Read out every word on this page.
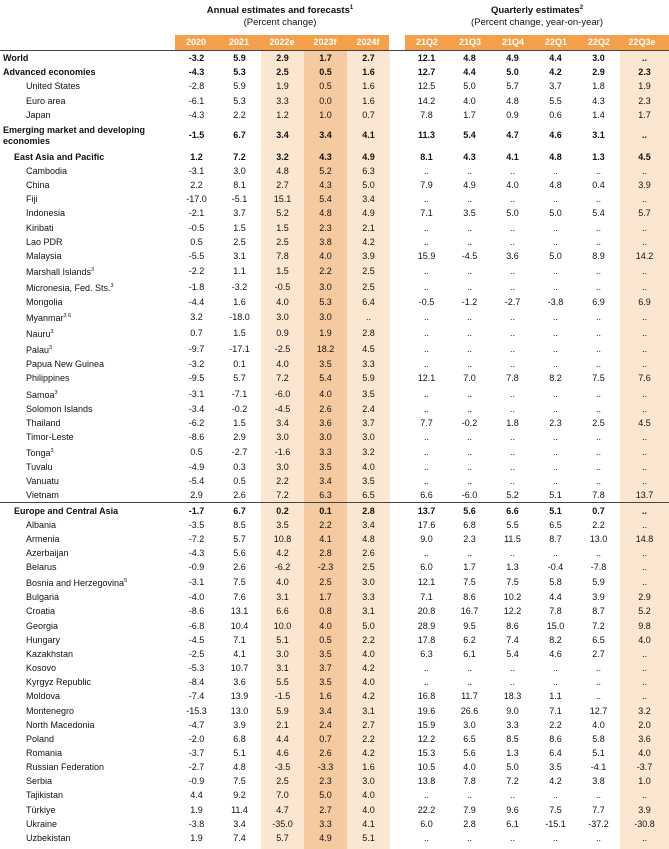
Annual estimates and forecasts$^1$
(Percent change)
Quarterly estimates$^2$
(Percent change, year-on-year)
2020	2021	2022e	2023f	2024f	21Q2	21Q3	21Q4	22Q1	22Q2	22Q3e
World	-3.2	5.9	2.9	1.7	2.7		12.1	4.8	4.9	4.4	3.0	..
Advanced economies	-4.3	5.3	2.5	0.5	1.6		12.7	4.4	5.0	4.2	2.9	2.3
United States	-2.8	5.9	1.9	0.5	1.6		12.5	5.0	5.7	3.7	1.8	1.9
Euro area	-6.1	5.3	3.3	0.0	1.6		14.2	4.0	4.8	5.5	4.3	2.3
Japan	-4.3	2.2	1.2	1.0	0.7		7.8	1.7	0.9	0.6	1.4	1.7
Emerging market and developing economies	-1.5	6.7	3.4	3.4	4.1		11.3	5.4	4.7	4.6	3.1	..
East Asia and Pacific	1.2	7.2	3.2	4.3	4.9		8.1	4.3	4.1	4.8	1.3	4.5
Cambodia	-3.1	3.0	4.8	5.2	6.3		..	..	..	..	..	..
China	2.2	8.1	2.7	4.3	5.0		7.9	4.9	4.0	4.8	0.4	3.9
Fiji	-17.0	-5.1	15.1	5.4	3.4		..	..	..	..	..	..
Indonesia	-2.1	3.7	5.2	4.8	4.9		7.1	3.5	5.0	5.0	5.4	5.7
Kiribati	-0.5	1.5	1.5	2.3	2.1		..	..	..	..	..	..
Lao PDR	0.5	2.5	2.5	3.8	4.2		..	..	..	..	..	..
Malaysia	-5.5	3.1	7.8	4.0	3.9		15.9	-4.5	3.6	5.0	8.9	14.2
Marshall Islands$^3$	-2.2	1.1	1.5	2.2	2.5		..	..	..	..	..	..
Micronesia, Fed. Sts.$^3$	-1.8	-3.2	-0.5	3.0	2.5		..	..	..	..	..	..
Mongolia	-4.4	1.6	4.0	5.3	6.4		-0.5	-1.2	-2.7	-3.8	6.9	6.9
Myanmar$^{3 6}$	3.2	-18.0	3.0	3.0	..		..	..	..	..	..	..
Nauru$^3$	0.7	1.5	0.9	1.9	2.8		..	..	..	..	..	..
Palau$^3$	-9.7	-17.1	-2.5	18.2	4.5		..	..	..	..	..	..
Papua New Guinea	-3.2	0.1	4.0	3.5	3.3		..	..	..	..	..	..
Philippines	-9.5	5.7	7.2	5.4	5.9		12.1	7.0	7.8	8.2	7.5	7.6
Samoa$^3$	-3.1	-7.1	-6.0	4.0	3.5		..	..	..	..	..	..
Solomon Islands	-3.4	-0.2	-4.5	2.6	2.4		..	..	..	..	..	..
Thailand	-6.2	1.5	3.4	3.6	3.7		7.7	-0.2	1.8	2.3	2.5	4.5
Timor-Leste	-8.6	2.9	3.0	3.0	3.0		..	..	..	..	..	..
Tonga$^3$	0.5	-2.7	-1.6	3.3	3.2		..	..	..	..	..	..
Tuvalu	-4.9	0.3	3.0	3.5	4.0		..	..	..	..	..	..
Vanuatu	-5.4	0.5	2.2	3.4	3.5		..	..	..	..	..	..
Vietnam	2.9	2.6	7.2	6.3	6.5		6.6	-6.0	5.2	5.1	7.8	13.7
Europe and Central Asia	-1.7	6.7	0.2	0.1	2.8		13.7	5.6	6.6	5.1	0.7	..
Albania	-3.5	8.5	3.5	2.2	3.4		17.6	6.8	5.5	6.5	2.2	..
Armenia	-7.2	5.7	10.8	4.1	4.8		9.0	2.3	11.5	8.7	13.0	14.8
Azerbaijan	-4.3	5.6	4.2	2.8	2.6		..	..	..	..	..	..
Belarus	-0.9	2.6	-6.2	-2.3	2.5		6.0	1.7	1.3	-0.4	-7.8	..
Bosnia and Herzegovina$^5$	-3.1	7.5	4.0	2.5	3.0		12.1	7.5	7.5	5.8	5.9	..
Bulgaria	-4.0	7.6	3.1	1.7	3.3		7.1	8.6	10.2	4.4	3.9	2.9
Croatia	-8.6	13.1	6.6	0.8	3.1		20.8	16.7	12.2	7.8	8.7	5.2
Georgia	-6.8	10.4	10.0	4.0	5.0		28.9	9.5	8.6	15.0	7.2	9.8
Hungary	-4.5	7.1	5.1	0.5	2.2		17.8	6.2	7.4	8.2	6.5	4.0
Kazakhstan	-2.5	4.1	3.0	3.5	4.0		6.3	6.1	5.4	4.6	2.7	..
Kosovo	-5.3	10.7	3.1	3.7	4.2		..	..	..	..	..	..
Kyrgyz Republic	-8.4	3.6	5.5	3.5	4.0		..	..	..	..	..	..
Moldova	-7.4	13.9	-1.5	1.6	4.2		16.8	11.7	18.3	1.1	..	..
Montenegro	-15.3	13.0	5.9	3.4	3.1		19.6	26.6	9.0	7.1	12.7	3.2
North Macedonia	-4.7	3.9	2.1	2.4	2.7		15.9	3.0	3.3	2.2	4.0	2.0
Poland	-2.0	6.8	4.4	0.7	2.2		12.2	6.5	8.5	8.6	5.8	3.6
Romania	-3.7	5.1	4.6	2.6	4.2		15.3	5.6	1.3	6.4	5.1	4.0
Russian Federation	-2.7	4.8	-3.5	-3.3	1.6		10.5	4.0	5.0	3.5	-4.1	-3.7
Serbia	-0.9	7.5	2.5	2.3	3.0		13.8	7.8	7.2	4.2	3.8	1.0
Tajikistan	4.4	9.2	7.0	5.0	4.0		..	..	..	..	..	..
Türkiye	1.9	11.4	4.7	2.7	4.0		22.2	7.9	9.6	7.5	7.7	3.9
Ukraine	-3.8	3.4	-35.0	3.3	4.1		6.0	2.8	6.1	-15.1	-37.2	-30.8
Uzbekistan	1.9	7.4	5.7	4.9	5.1		..	..	..	..	..	..
